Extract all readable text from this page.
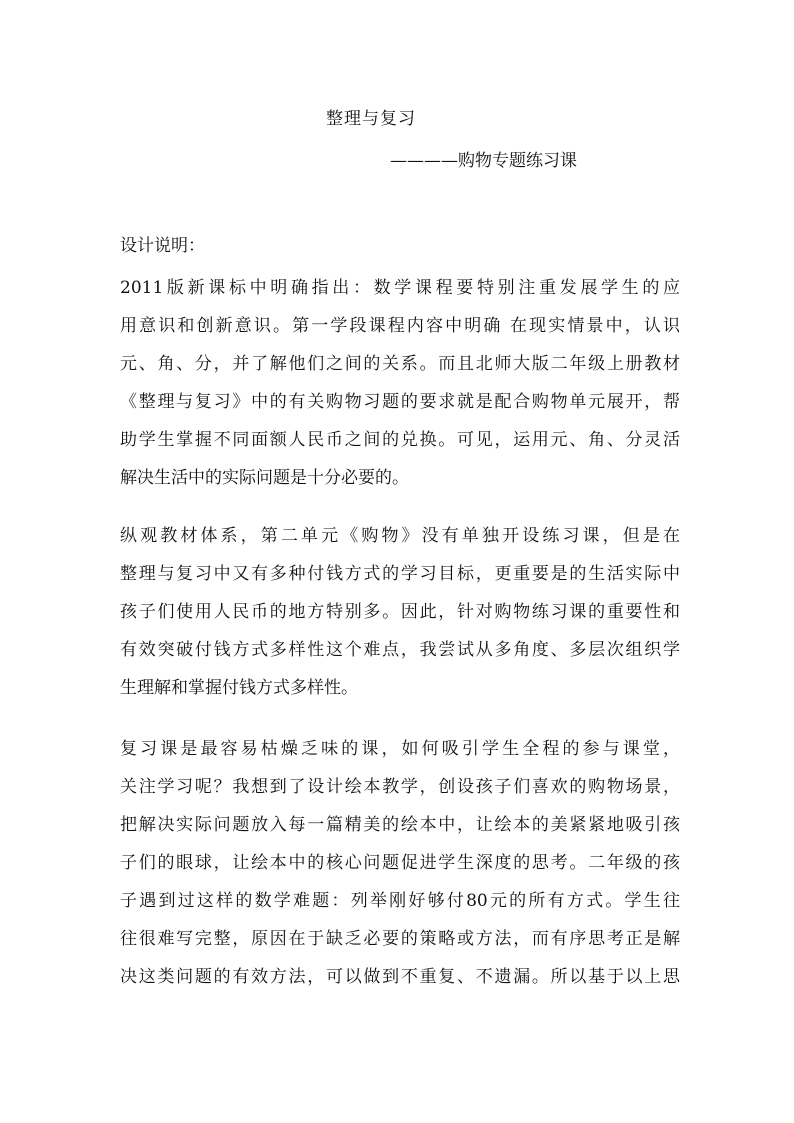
整理与复习
————购物专题练习课
设计说明：
2011版新课标中明确指出：数学课程要特别注重发展学生的应
用意识和创新意识。第一学段课程内容中明确 在现实情景中，认识
元、角、分，并了解他们之间的关系。而且北师大版二年级上册教材
《整理与复习》中的有关购物习题的要求就是配合购物单元展开，帮
助学生掌握不同面额人民币之间的兑换。可见，运用元、角、分灵活
解决生活中的实际问题是十分必要的。
纵观教材体系，第二单元《购物》没有单独开设练习课，但是在
整理与复习中又有多种付钱方式的学习目标，更重要是的生活实际中
孩子们使用人民币的地方特别多。因此，针对购物练习课的重要性和
有效突破付钱方式多样性这个难点，我尝试从多角度、多层次组织学
生理解和掌握付钱方式多样性。
复习课是最容易枯燥乏味的课，如何吸引学生全程的参与课堂，
关注学习呢？我想到了设计绘本教学，创设孩子们喜欢的购物场景，
把解决实际问题放入每一篇精美的绘本中，让绘本的美紧紧地吸引孩
子们的眼球，让绘本中的核心问题促进学生深度的思考。二年级的孩
子遇到过这样的数学难题：列举刚好够付80元的所有方式。学生往
往很难写完整，原因在于缺乏必要的策略或方法，而有序思考正是解
决这类问题的有效方法，可以做到不重复、不遗漏。所以基于以上思
